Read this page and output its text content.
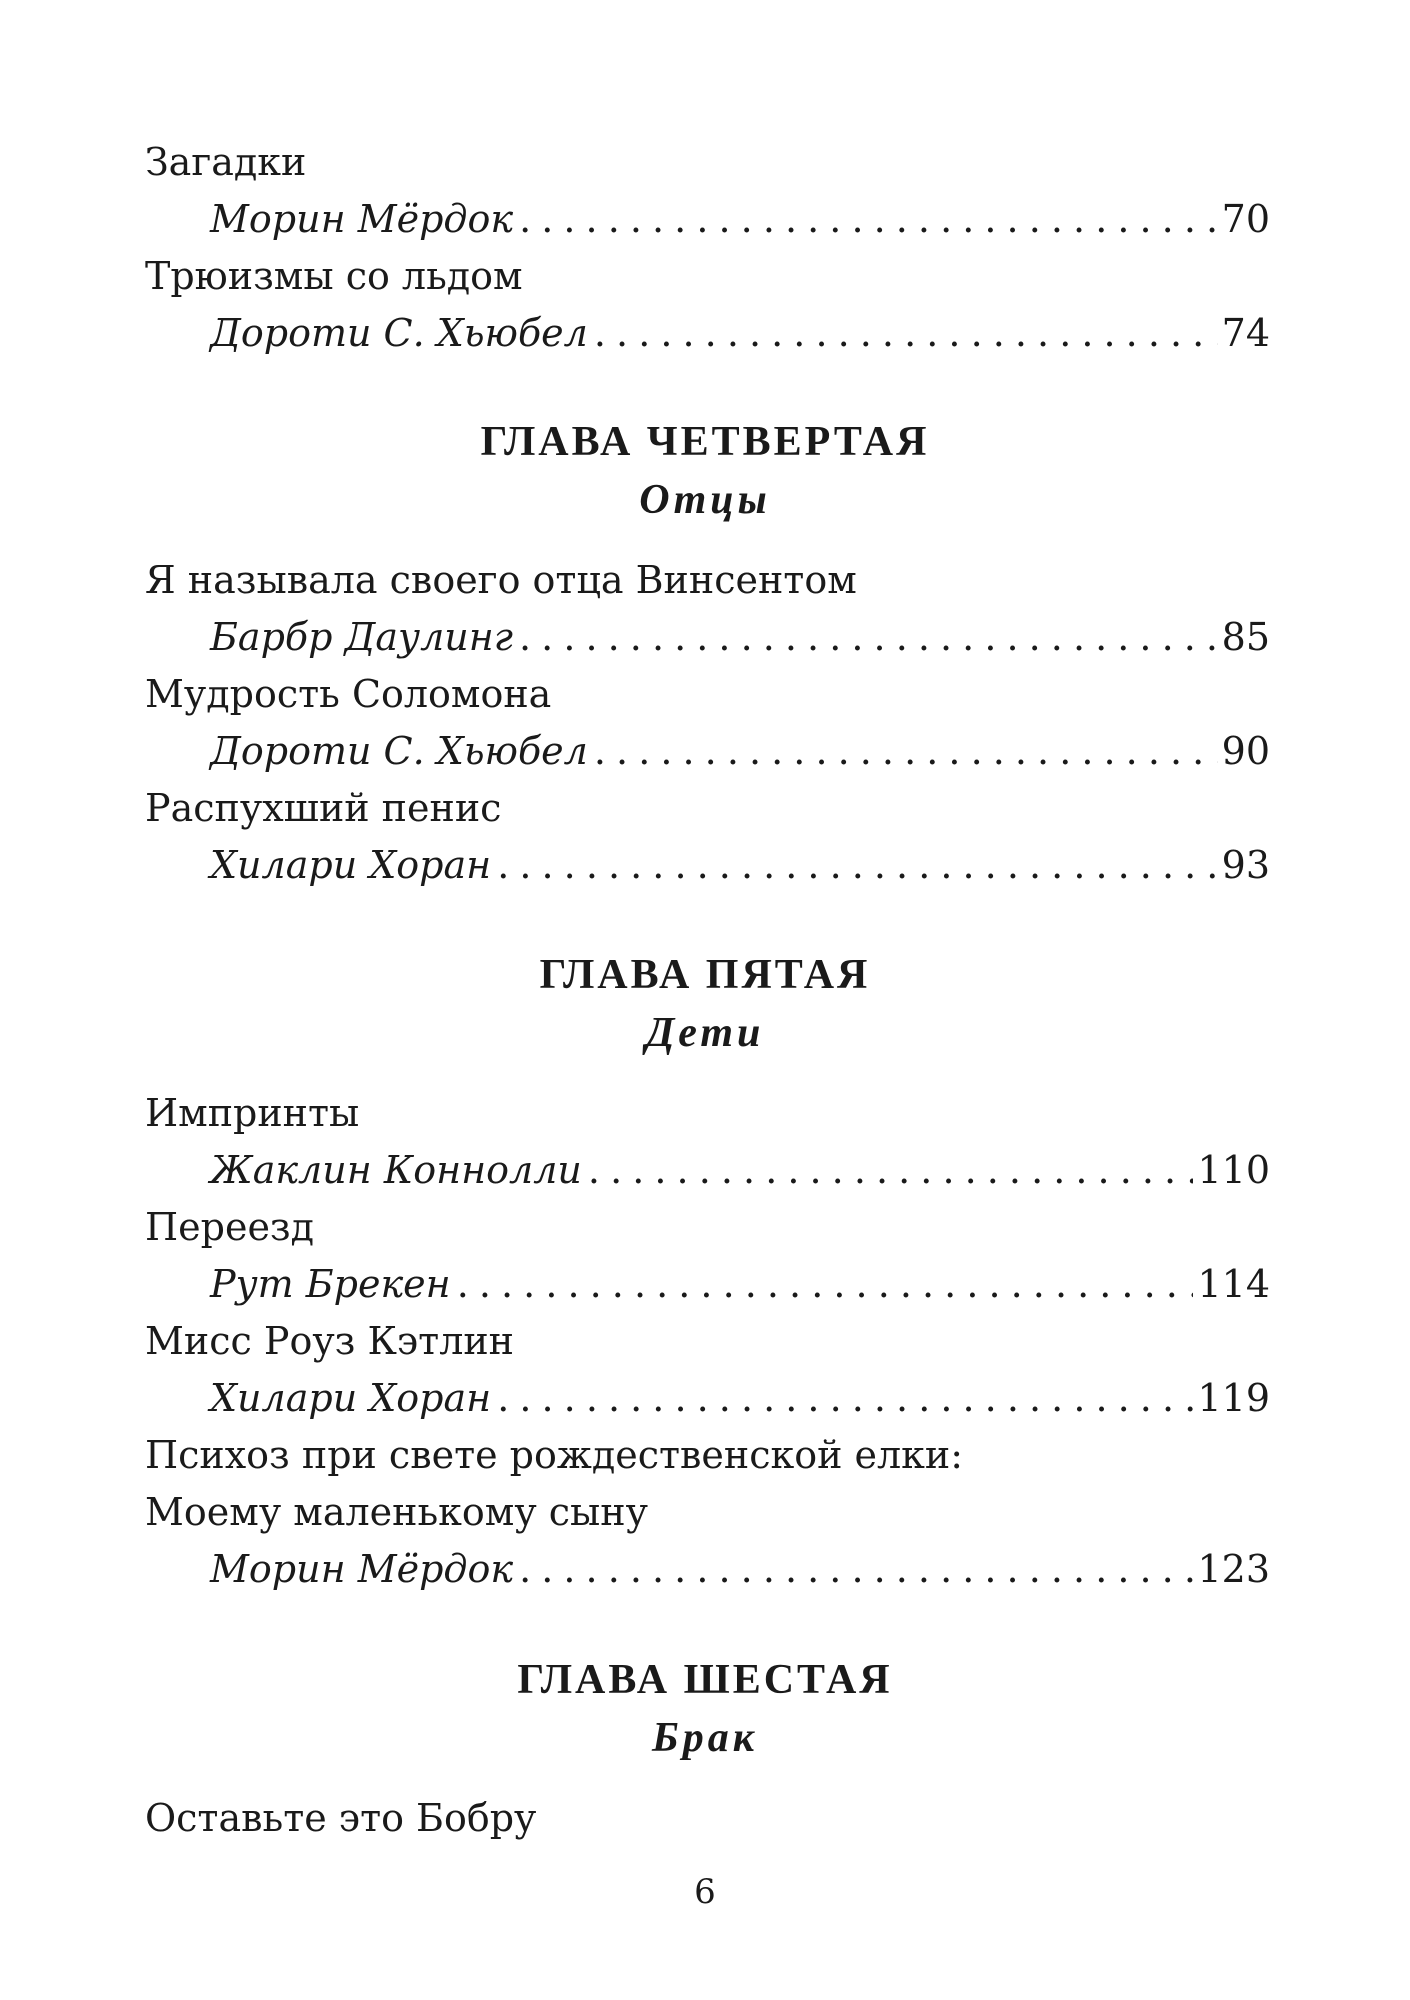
Загадки
Морин Мёрдок . . .	70
Трюизмы со льдом
Дороти С. Хьюбел . . .	74
ГЛАВА ЧЕТВЕРТАЯ
Отцы
Я называла своего отца Винсентом
Барбр Даулинг . . .	85
Мудрость Соломона
Дороти С. Хьюбел . . .	90
Распухший пенис
Хилари Хоран . . .	93
ГЛАВА ПЯТАЯ
Дети
Импринты
Жаклин Коннолли . . .	110
Переезд
Рут Брекен . . .	114
Мисс Роуз Кэтлин
Хилари Хоран . . .	119
Психоз при свете рождественской елки:
Моему маленькому сыну
Морин Мёрдок . . .	123
ГЛАВА ШЕСТАЯ
Брак
Оставьте это Бобру
6
